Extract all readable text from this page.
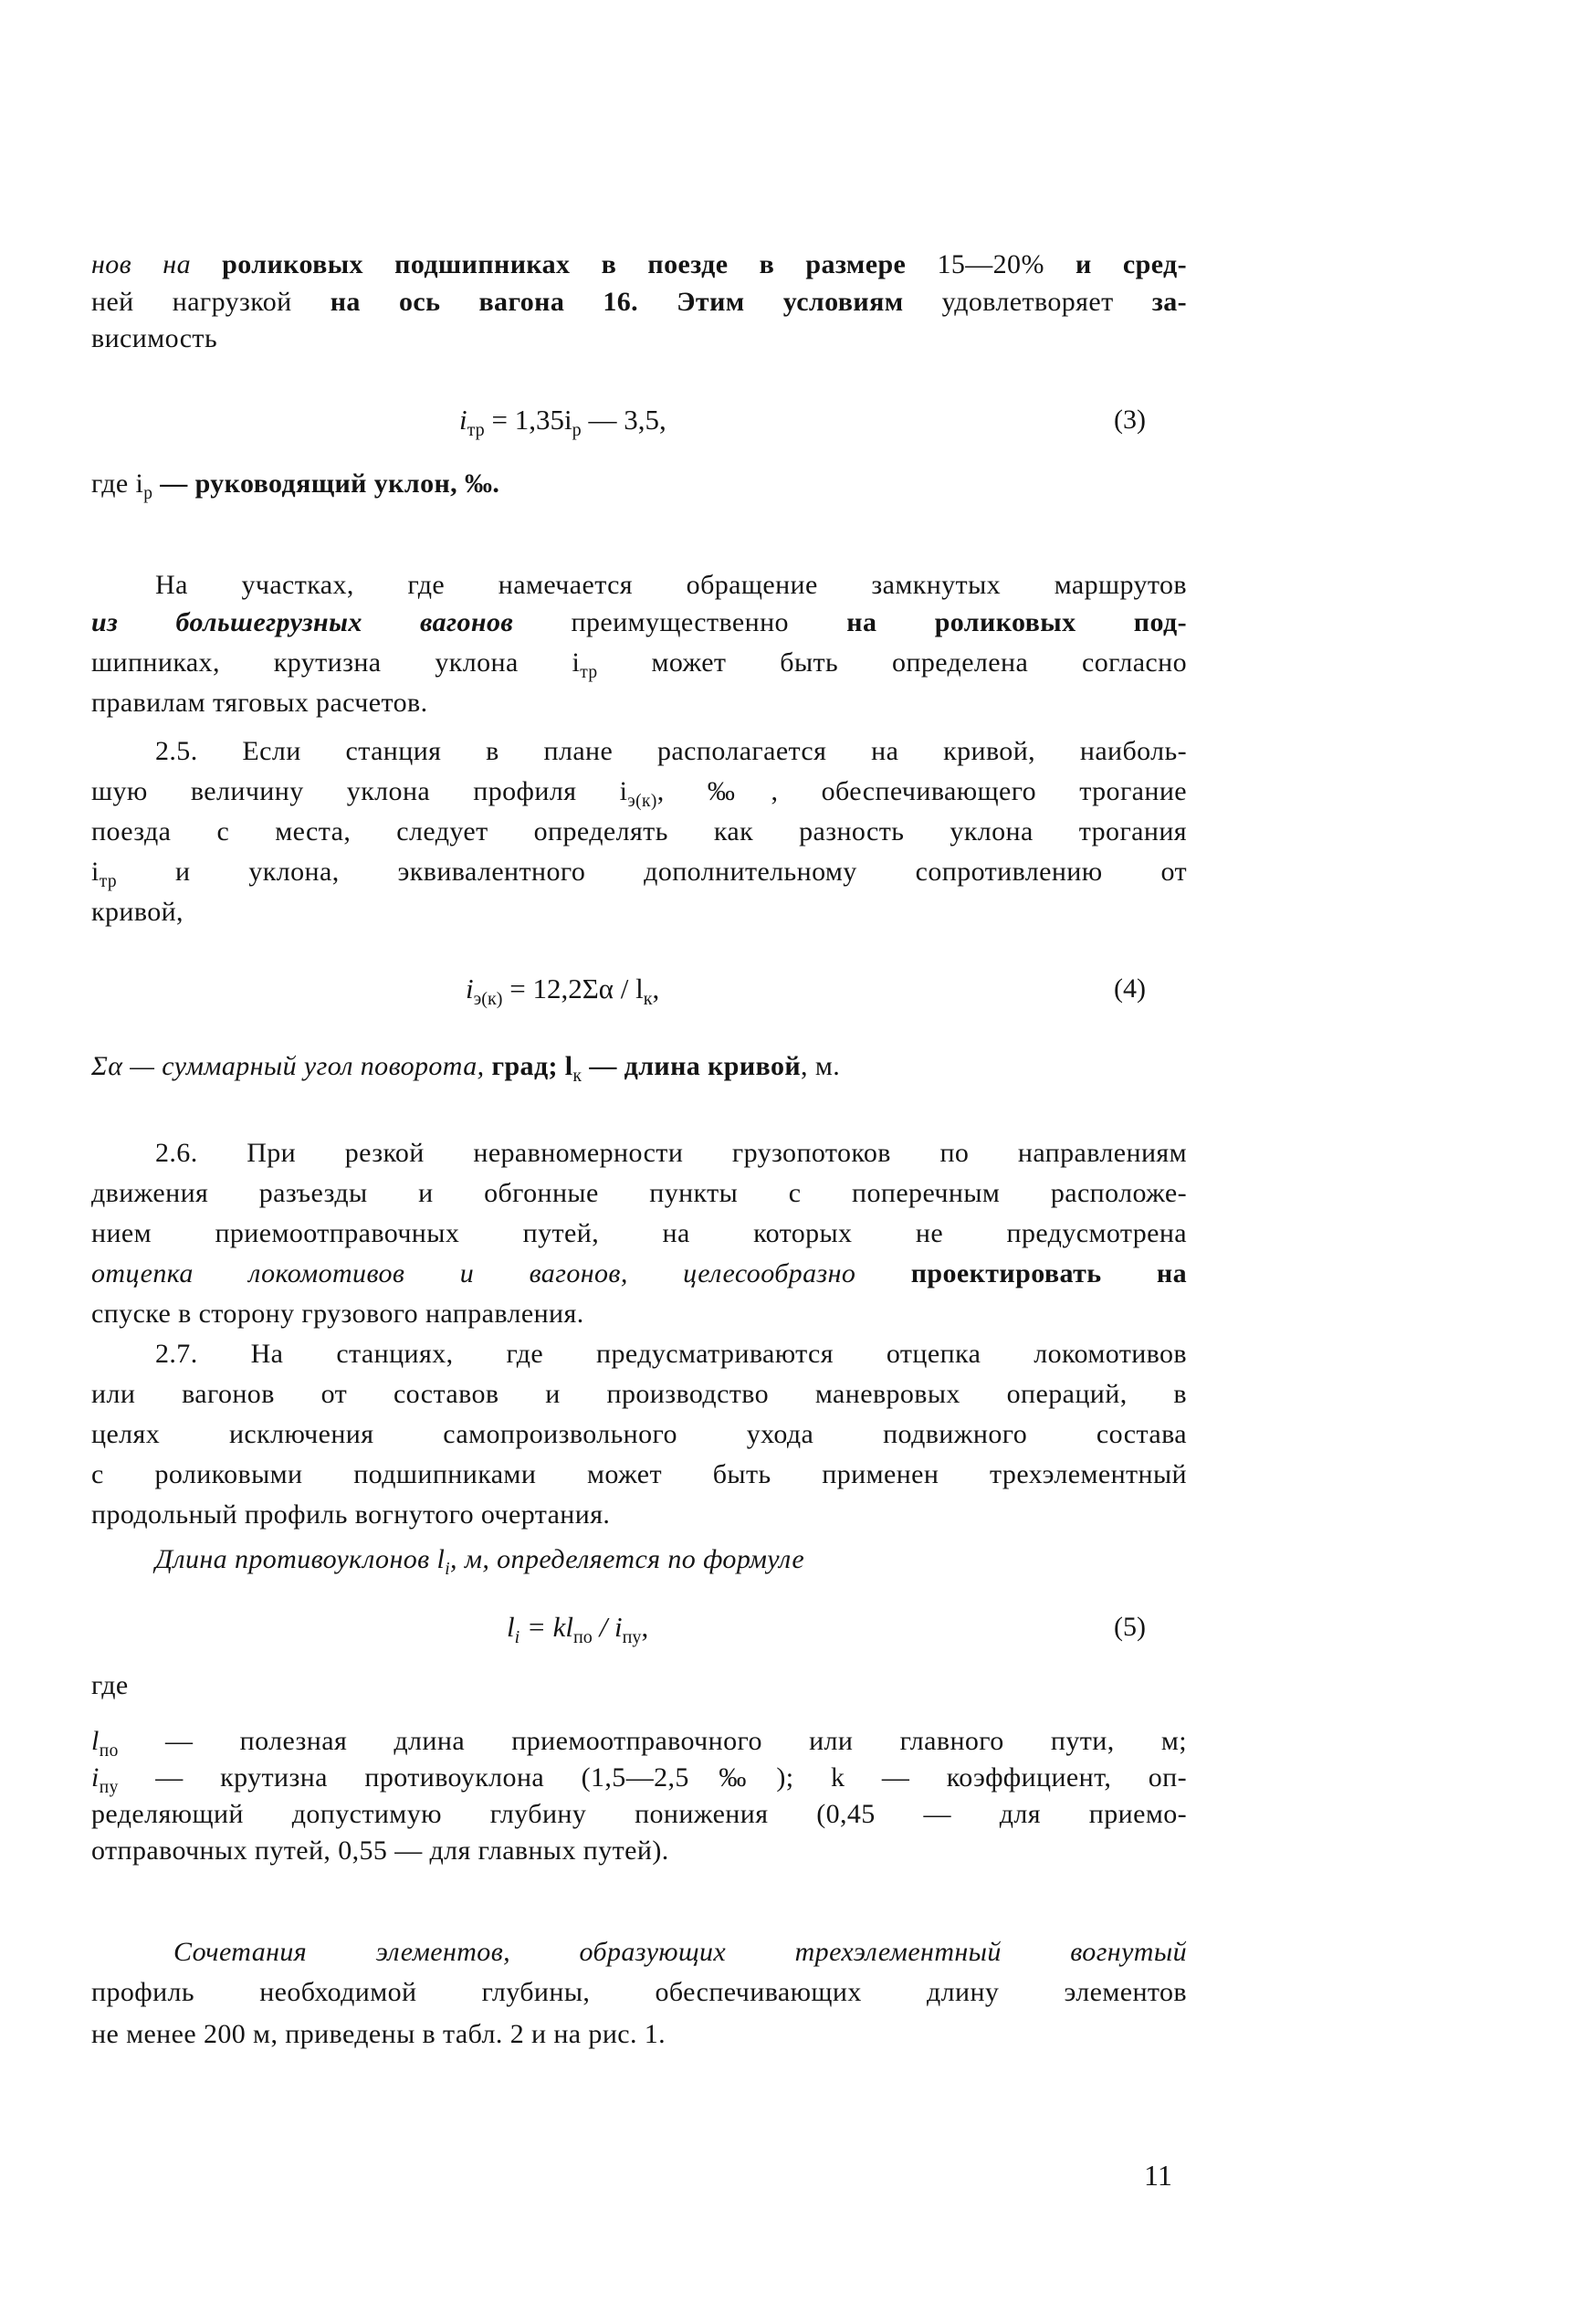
нов на роликовых подшипниках в поезде в размере 15—20% и сред-
ней нагрузкой на ось вагона 16. Этим условиям удовлетворяет за-
висимость
$i_{тр} = 1,35i_р$ — 3,5,	(3)
где $i_р$ — руководящий уклон, ‰.
На участках, где намечается обращение замкнутых маршрутов
из большегрузных вагонов преимущественно на роликовых под-
шипниках, крутизна уклона $i_{тр}$ может быть определена согласно
правилам тяговых расчетов.
2.5. Если станция в плане располагается на кривой, наиболь-
шую величину уклона профиля $i_{э(к)}$, ‰, обеспечивающего трогание
поезда с места, следует определять как разность уклона трогания
$i_{тр}$ и уклона, эквивалентного дополнительному сопротивлению от
кривой,
$i_{э(к)} = 12,2\Sigma\alpha / l_к$,	(4)
Σα — суммарный угол поворота, град; $l_к$ — длина кривой, м.
2.6. При резкой неравномерности грузопотоков по направлениям
движения разъезды и обгонные пункты с поперечным расположе-
нием приемоотправочных путей, на которых не предусмотрена
отцепка локомотивов и вагонов, целесообразно проектировать на
спуске в сторону грузового направления.
2.7. На станциях, где предусматриваются отцепка локомотивов
или вагонов от составов и производство маневровых операций, в
целях исключения самопроизвольного ухода подвижного состава
с роликовыми подшипниками может быть применен трехэлементный
продольный профиль вогнутого очертания.
Длина противоуклонов $l_i$, м, определяется по формуле
$l_i = kl_{по} / i_{пу}$,	(5)
где
$l_{по}$ — полезная длина приемоотправочного или главного пути, м;
$i_{пу}$ — крутизна противоуклона (1,5—2,5‰); k — коэффициент, оп-
ределяющий допустимую глубину понижения (0,45 — для приемо-
отправочных путей, 0,55 — для главных путей).
Сочетания элементов, образующих трехэлементный вогнутый
профиль необходимой глубины, обеспечивающих длину элементов
не менее 200 м, приведены в табл. 2 и на рис. 1.
11
